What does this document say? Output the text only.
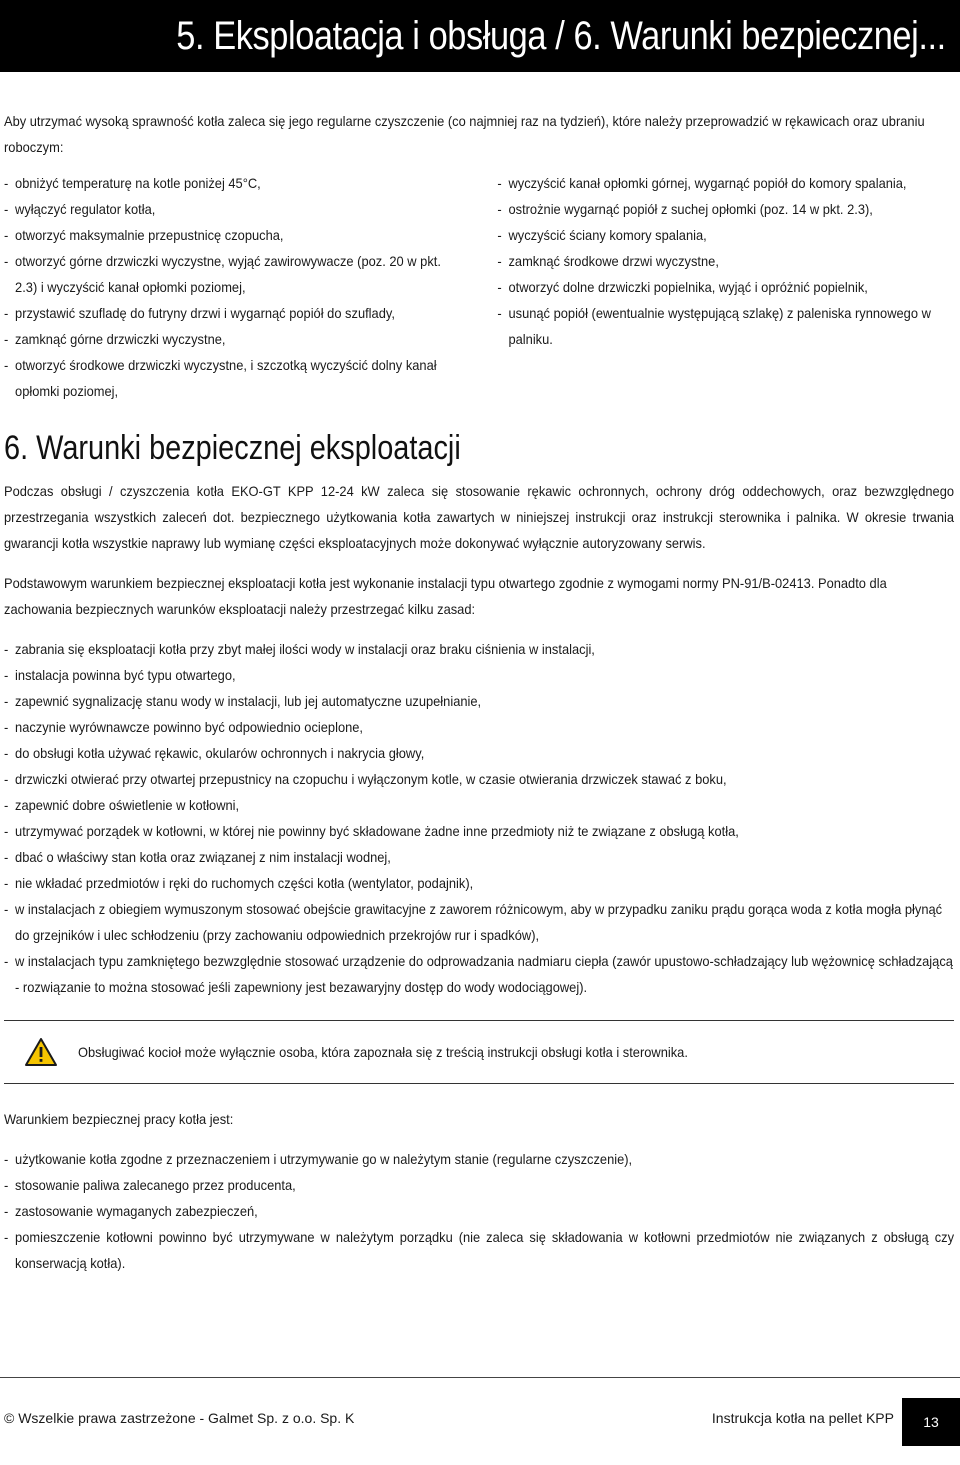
5. Eksploatacja i obsługa / 6. Warunki bezpiecznej...

Aby utrzymać wysoką sprawność kotła zaleca się jego regularne czyszczenie (co najmniej raz na tydzień), które należy przeprowadzić w rękawicach oraz ubraniu roboczym:

- obniżyć temperaturę na kotle poniżej 45°C,
- wyłączyć regulator kotła,
- otworzyć maksymalnie przepustnicę czopucha,
- otworzyć górne drzwiczki wyczystne, wyjąć zawirowywacze (poz. 20 w pkt. 2.3) i wyczyścić kanał opłomki poziomej,
- przystawić szufladę do futryny drzwi i wygarnąć popiół do szuflady,
- zamknąć górne drzwiczki wyczystne,
- otworzyć środkowe drzwiczki wyczystne, i szczotką wyczyścić dolny kanał opłomki poziomej,
- wyczyścić kanał opłomki górnej, wygarnąć popiół do komory spalania,
- ostrożnie wygarnąć popiół z suchej opłomki (poz. 14 w pkt. 2.3),
- wyczyścić ściany komory spalania,
- zamknąć środkowe drzwi wyczystne,
- otworzyć dolne drzwiczki popielnika, wyjąć i opróżnić popielnik,
- usunąć popiół (ewentualnie występującą szlakę) z paleniska rynnowego w palniku.
6. Warunki bezpiecznej eksploatacji

Podczas obsługi / czyszczenia kotła EKO-GT KPP 12-24 kW zaleca się stosowanie rękawic ochronnych, ochrony dróg oddechowych, oraz bezwzględnego przestrzegania wszystkich zaleceń dot. bezpiecznego użytkowania kotła zawartych w niniejszej instrukcji oraz instrukcji sterownika i palnika. W okresie trwania gwarancji kotła wszystkie naprawy lub wymianę części eksploatacyjnych może dokonywać wyłącznie autoryzowany serwis.

Podstawowym warunkiem bezpiecznej eksploatacji kotła jest wykonanie instalacji typu otwartego zgodnie z wymogami normy PN-91/B-02413. Ponadto dla zachowania bezpiecznych warunków eksploatacji należy przestrzegać kilku zasad:

- zabrania się eksploatacji kotła przy zbyt małej ilości wody w instalacji oraz braku ciśnienia w instalacji,
- instalacja powinna być typu otwartego,
- zapewnić sygnalizację stanu wody w instalacji, lub jej automatyczne uzupełnianie,
- naczynie wyrównawcze powinno być odpowiednio ocieplone,
- do obsługi kotła używać rękawic, okularów ochronnych i nakrycia głowy,
- drzwiczki otwierać przy otwartej przepustnicy na czopuchu i wyłączonym kotle, w czasie otwierania drzwiczek stawać z boku,
- zapewnić dobre oświetlenie w kotłowni,
- utrzymywać porządek w kotłowni, w której nie powinny być składowane żadne inne przedmioty niż te związane z obsługą kotła,
- dbać o właściwy stan kotła oraz związanej z nim instalacji wodnej,
- nie wkładać przedmiotów i ręki do ruchomych części kotła (wentylator, podajnik),
- w instalacjach z obiegiem wymuszonym stosować obejście grawitacyjne z zaworem różnicowym, aby w przypadku zaniku prądu gorąca woda z kotła mogła płynąć do grzejników i ulec schłodzeniu (przy zachowaniu odpowiednich przekrojów rur i spadków),
- w instalacjach typu zamkniętego bezwzględnie stosować urządzenie do odprowadzania nadmiaru ciepła (zawór upustowo-schładzający lub wężownicę schładzającą - rozwiązanie to można stosować jeśli zapewniony jest bezawaryjny dostęp do wody wodociągowej).
Obsługiwać kocioł może wyłącznie osoba, która zapoznała się z treścią instrukcji obsługi kotła i sterownika.

Warunkiem bezpiecznej pracy kotła jest:

- użytkowanie kotła zgodne z przeznaczeniem i utrzymywanie go w należytym stanie (regularne czyszczenie),
- stosowanie paliwa zalecanego przez producenta,
- zastosowanie wymaganych zabezpieczeń,
- pomieszczenie kotłowni powinno być utrzymywane w należytym porządku (nie zaleca się składowania w kotłowni przedmiotów nie związanych z obsługą czy konserwacją kotła).
© Wszelkie prawa zastrzeżone - Galmet Sp. z o.o. Sp. K	Instrukcja kotła na pellet KPP	13
